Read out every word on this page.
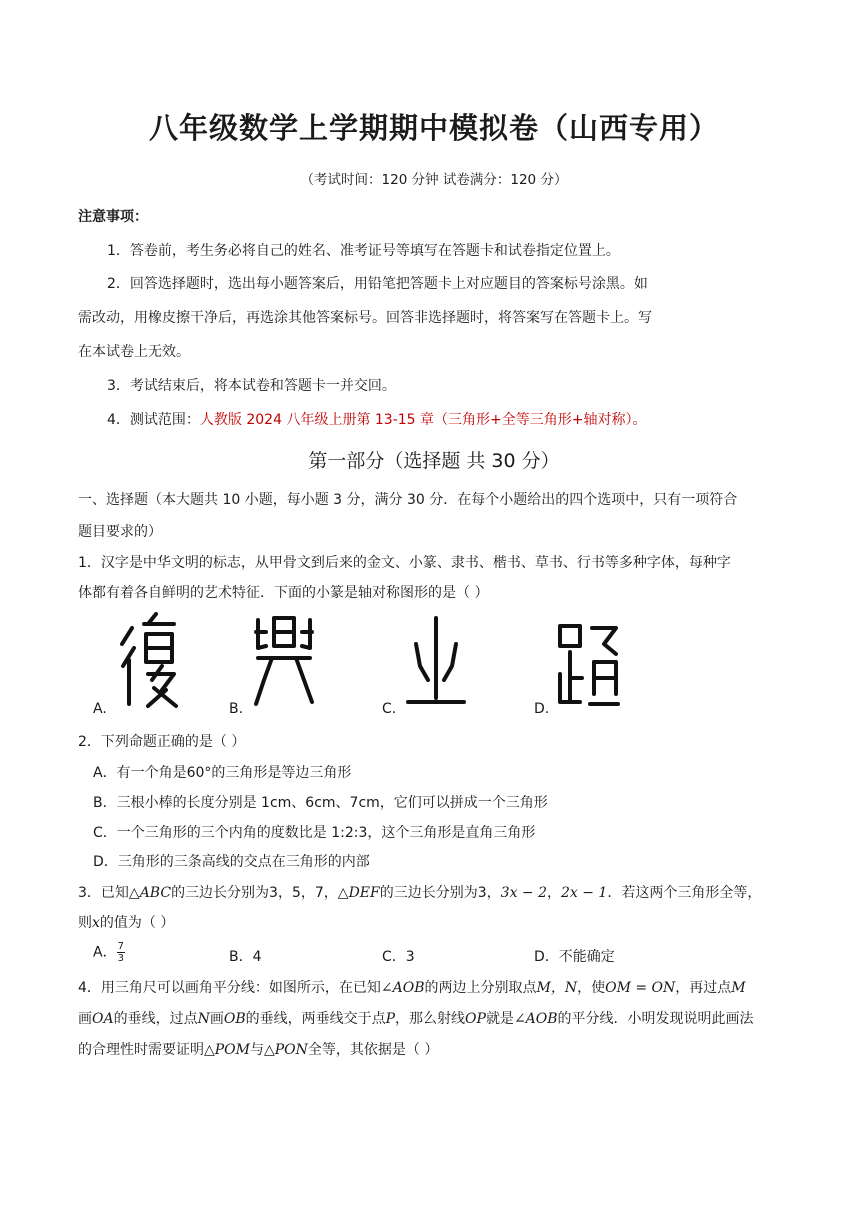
八年级数学上学期期中模拟卷（山西专用）
（考试时间：120 分钟 试卷满分：120 分）
注意事项：
1．答卷前，考生务必将自己的姓名、准考证号等填写在答题卡和试卷指定位置上。
2．回答选择题时，选出每小题答案后，用铅笔把答题卡上对应题目的答案标号涂黑。如
需改动，用橡皮擦干净后，再选涂其他答案标号。回答非选择题时，将答案写在答题卡上。写
在本试卷上无效。
3．考试结束后，将本试卷和答题卡一并交回。
4．测试范围：人教版 2024 八年级上册第 13-15 章（三角形+全等三角形+轴对称）。
第一部分（选择题 共 30 分）
一、选择题（本大题共 10 小题，每小题 3 分，满分 30 分．在每个小题给出的四个选项中，只有一项符合
题目要求的）
1．汉字是中华文明的标志，从甲骨文到后来的金文、小篆、隶书、楷书、草书、行书等多种字体，每种字
体都有着各自鲜明的艺术特征．下面的小篆是轴对称图形的是（ ）
A.	B.	C.	D.
2．下列命题正确的是（ ）
A．有一个角是60°的三角形是等边三角形
B．三根小棒的长度分别是 1cm、6cm、7cm，它们可以拼成一个三角形
C．一个三角形的三个内角的度数比是 1:2:3，这个三角形是直角三角形
D．三角形的三条高线的交点在三角形的内部
3．已知△ABC的三边长分别为3，5，7，△DEF的三边长分别为3，3x − 2，2x − 1．若这两个三角形全等，
则x的值为（ ）
A． $\frac{7}{3}$	B．4	C．3	D．不能确定
4．用三角尺可以画角平分线：如图所示，在已知∠AOB的两边上分别取点M，N，使OM = ON，再过点M
画OA的垂线，过点N画OB的垂线，两垂线交于点P，那么射线OP就是∠AOB的平分线．小明发现说明此画法
的合理性时需要证明△POM与△PON全等，其依据是（ ）
